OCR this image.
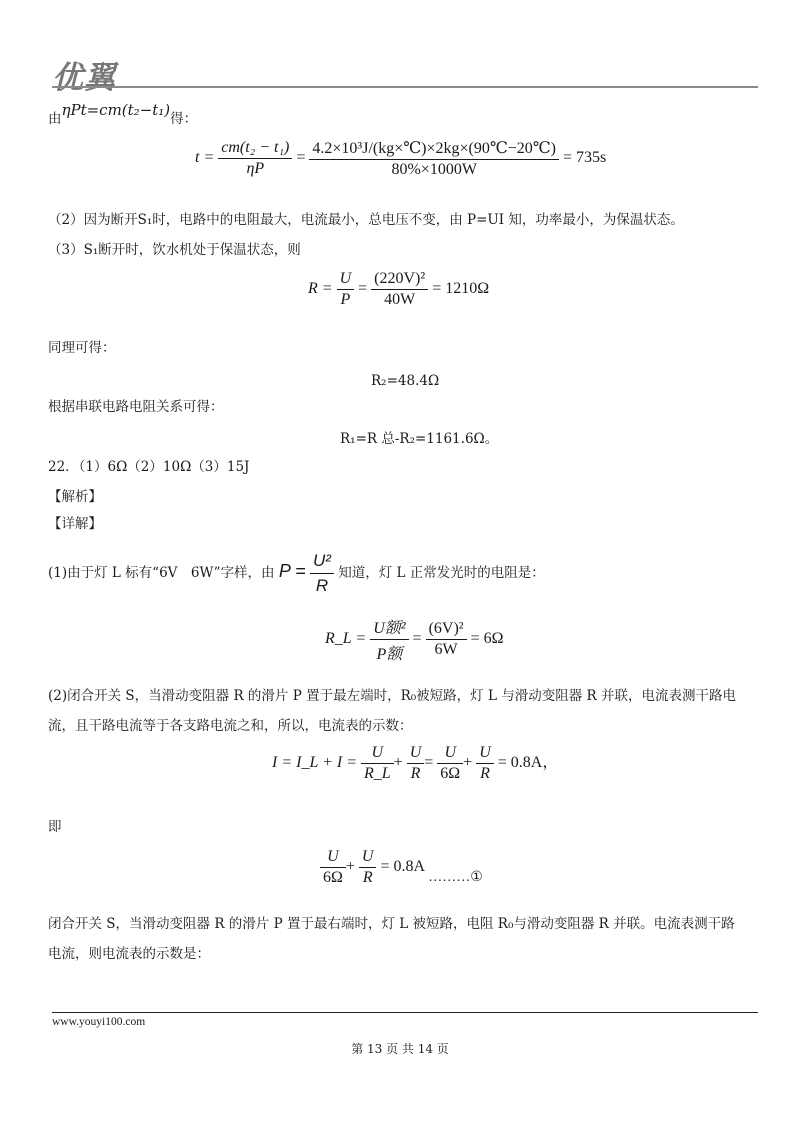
优翼
由ηPt=cm(t₂−t₁)得：
$t = \frac{\text{cm(t₂ − t₁)}}{\eta P} = \frac{\text{4.2×10³J/(kg×℃)×2kg×(90℃−20℃)}}{80\%\times 1000W} = 735s$
（2）因为断开S₁时，电路中的电阻最大，电流最小，总电压不变，由 P=UI 知，功率最小，为保温状态。
（3）S₁断开时，饮水机处于保温状态，则
$R = \frac{U}{P} = \frac{\text{(220V)²}}{40W} = 1210\Omega$
同理可得：
R₂=48.4Ω
根据串联电路电阻关系可得：
R₁=R 总-R₂=1161.6Ω。
22．（1）6Ω（2）10Ω（3）15J
【解析】
【详解】
(1)由于灯 L 标有“6V　6W”字样，由 $P = \frac{\text{U²}}{R}$ 知道，灯 L 正常发光时的电阻是：
R_L = $\frac{\text{U额²}}{\text{P额}} = \frac{\text{(6V)²}}{6W} = 6\Omega$
(2)闭合开关 S，当滑动变阻器 R 的滑片 P 置于最左端时，R₀被短路，灯 L 与滑动变阻器 R 并联，电流表测干路电
流，且干路电流等于各支路电流之和，所以，电流表的示数：
I = I_L + $I = \frac{U}{R\_L} + \frac{U}{R} = \frac{U}{6\Omega} + \frac{U}{R} = 0.8A$，
即
$\frac{U}{6\Omega} + \frac{U}{R} = 0.8A$ ………①
闭合开关 S，当滑动变阻器 R 的滑片 P 置于最右端时，灯 L 被短路，电阻 R₀与滑动变阻器 R 并联。电流表测干路
电流，则电流表的示数是：
www.youyi100.com
第 13 页 共 14 页
